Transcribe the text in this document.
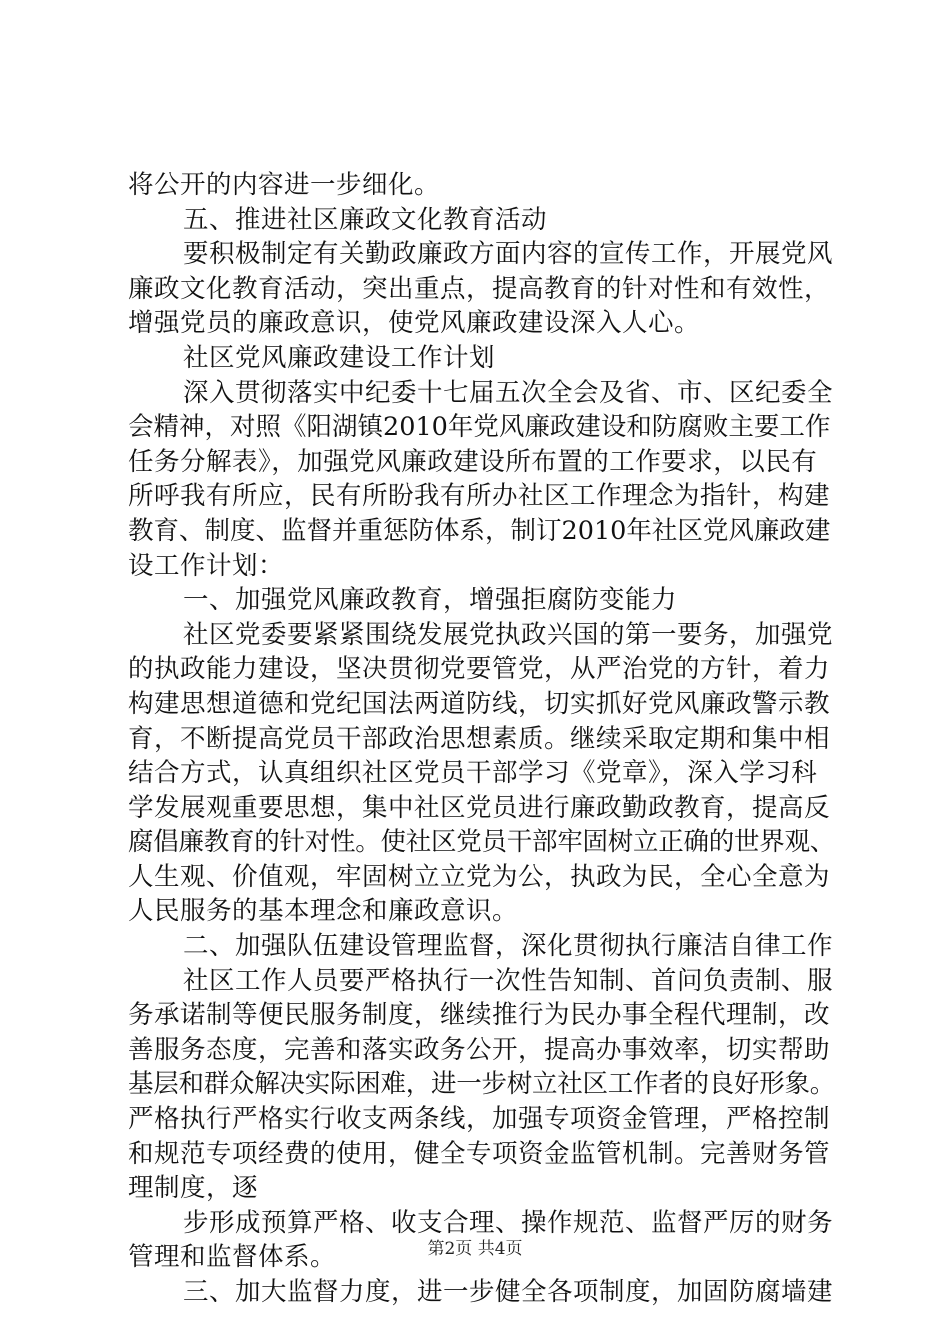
将公开的内容进一步细化。
五、推进社区廉政文化教育活动
要积极制定有关勤政廉政方面内容的宣传工作，开展党风
廉政文化教育活动，突出重点，提高教育的针对性和有效性，
增强党员的廉政意识，使党风廉政建设深入人心。
社区党风廉政建设工作计划
深入贯彻落实中纪委十七届五次全会及省、市、区纪委全
会精神，对照《阳湖镇2010年党风廉政建设和防腐败主要工作
任务分解表》，加强党风廉政建设所布置的工作要求，以民有
所呼我有所应，民有所盼我有所办社区工作理念为指针，构建
教育、制度、监督并重惩防体系，制订2010年社区党风廉政建
设工作计划：
一、加强党风廉政教育，增强拒腐防变能力
社区党委要紧紧围绕发展党执政兴国的第一要务，加强党
的执政能力建设，坚决贯彻党要管党，从严治党的方针，着力
构建思想道德和党纪国法两道防线，切实抓好党风廉政警示教
育，不断提高党员干部政治思想素质。继续采取定期和集中相
结合方式，认真组织社区党员干部学习《党章》，深入学习科
学发展观重要思想，集中社区党员进行廉政勤政教育，提高反
腐倡廉教育的针对性。使社区党员干部牢固树立正确的世界观、
人生观、价值观，牢固树立立党为公，执政为民，全心全意为
人民服务的基本理念和廉政意识。
二、加强队伍建设管理监督，深化贯彻执行廉洁自律工作
社区工作人员要严格执行一次性告知制、首问负责制、服
务承诺制等便民服务制度，继续推行为民办事全程代理制，改
善服务态度，完善和落实政务公开，提高办事效率，切实帮助
基层和群众解决实际困难，进一步树立社区工作者的良好形象。
严格执行严格实行收支两条线，加强专项资金管理，严格控制
和规范专项经费的使用，健全专项资金监管机制。完善财务管
理制度，逐
步形成预算严格、收支合理、操作规范、监督严厉的财务
管理和监督体系。
三、加大监督力度，进一步健全各项制度，加固防腐墙建
第2页 共4页
